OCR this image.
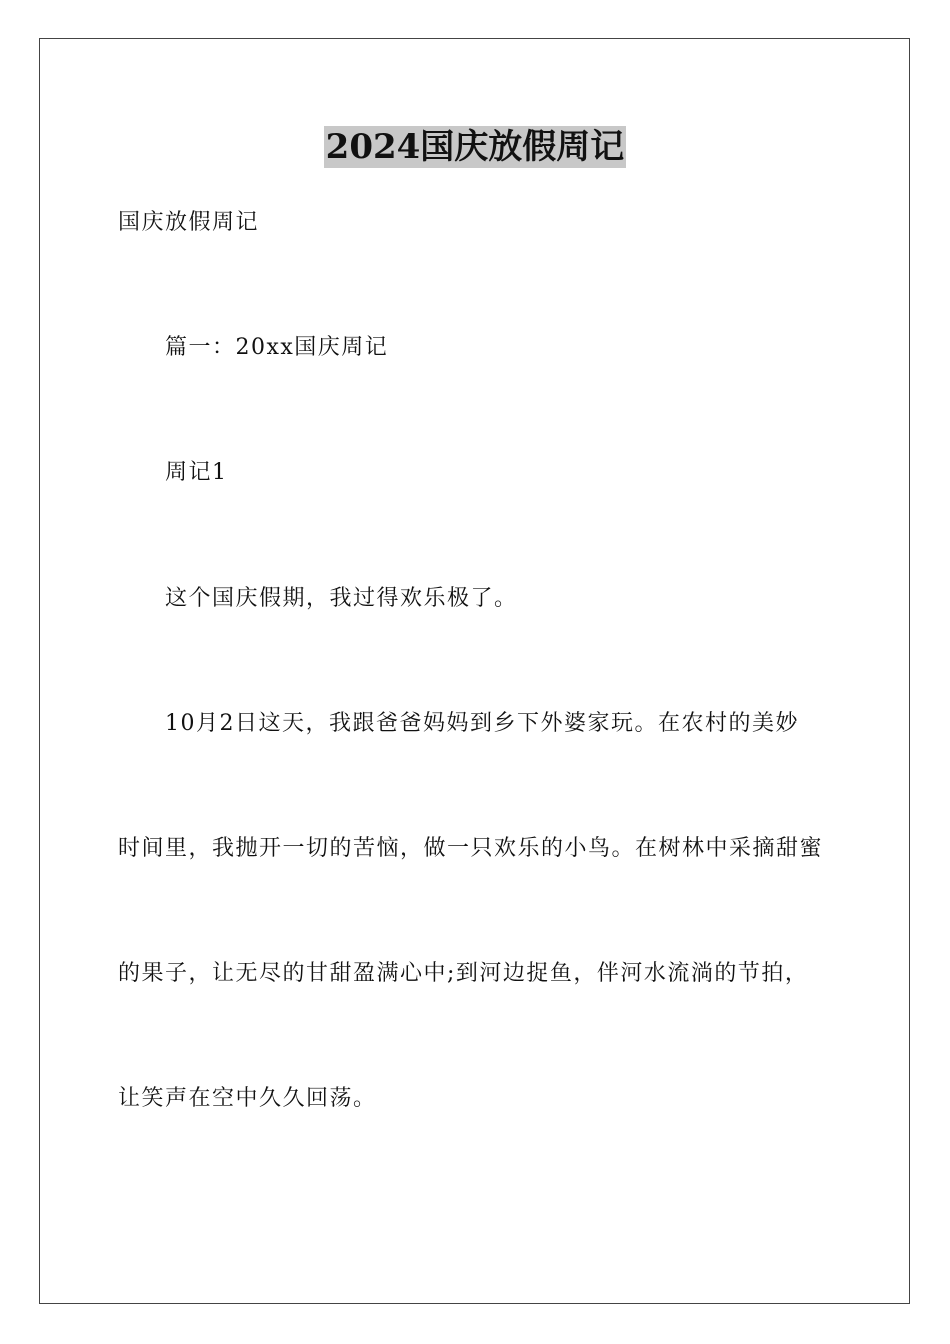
2024国庆放假周记
国庆放假周记
篇一：20xx国庆周记
周记1
这个国庆假期，我过得欢乐极了。
10月2日这天，我跟爸爸妈妈到乡下外婆家玩。在农村的美妙
时间里，我抛开一切的苦恼，做一只欢乐的小鸟。在树林中采摘甜蜜
的果子，让无尽的甘甜盈满心中;到河边捉鱼，伴河水流淌的节拍，
让笑声在空中久久回荡。
